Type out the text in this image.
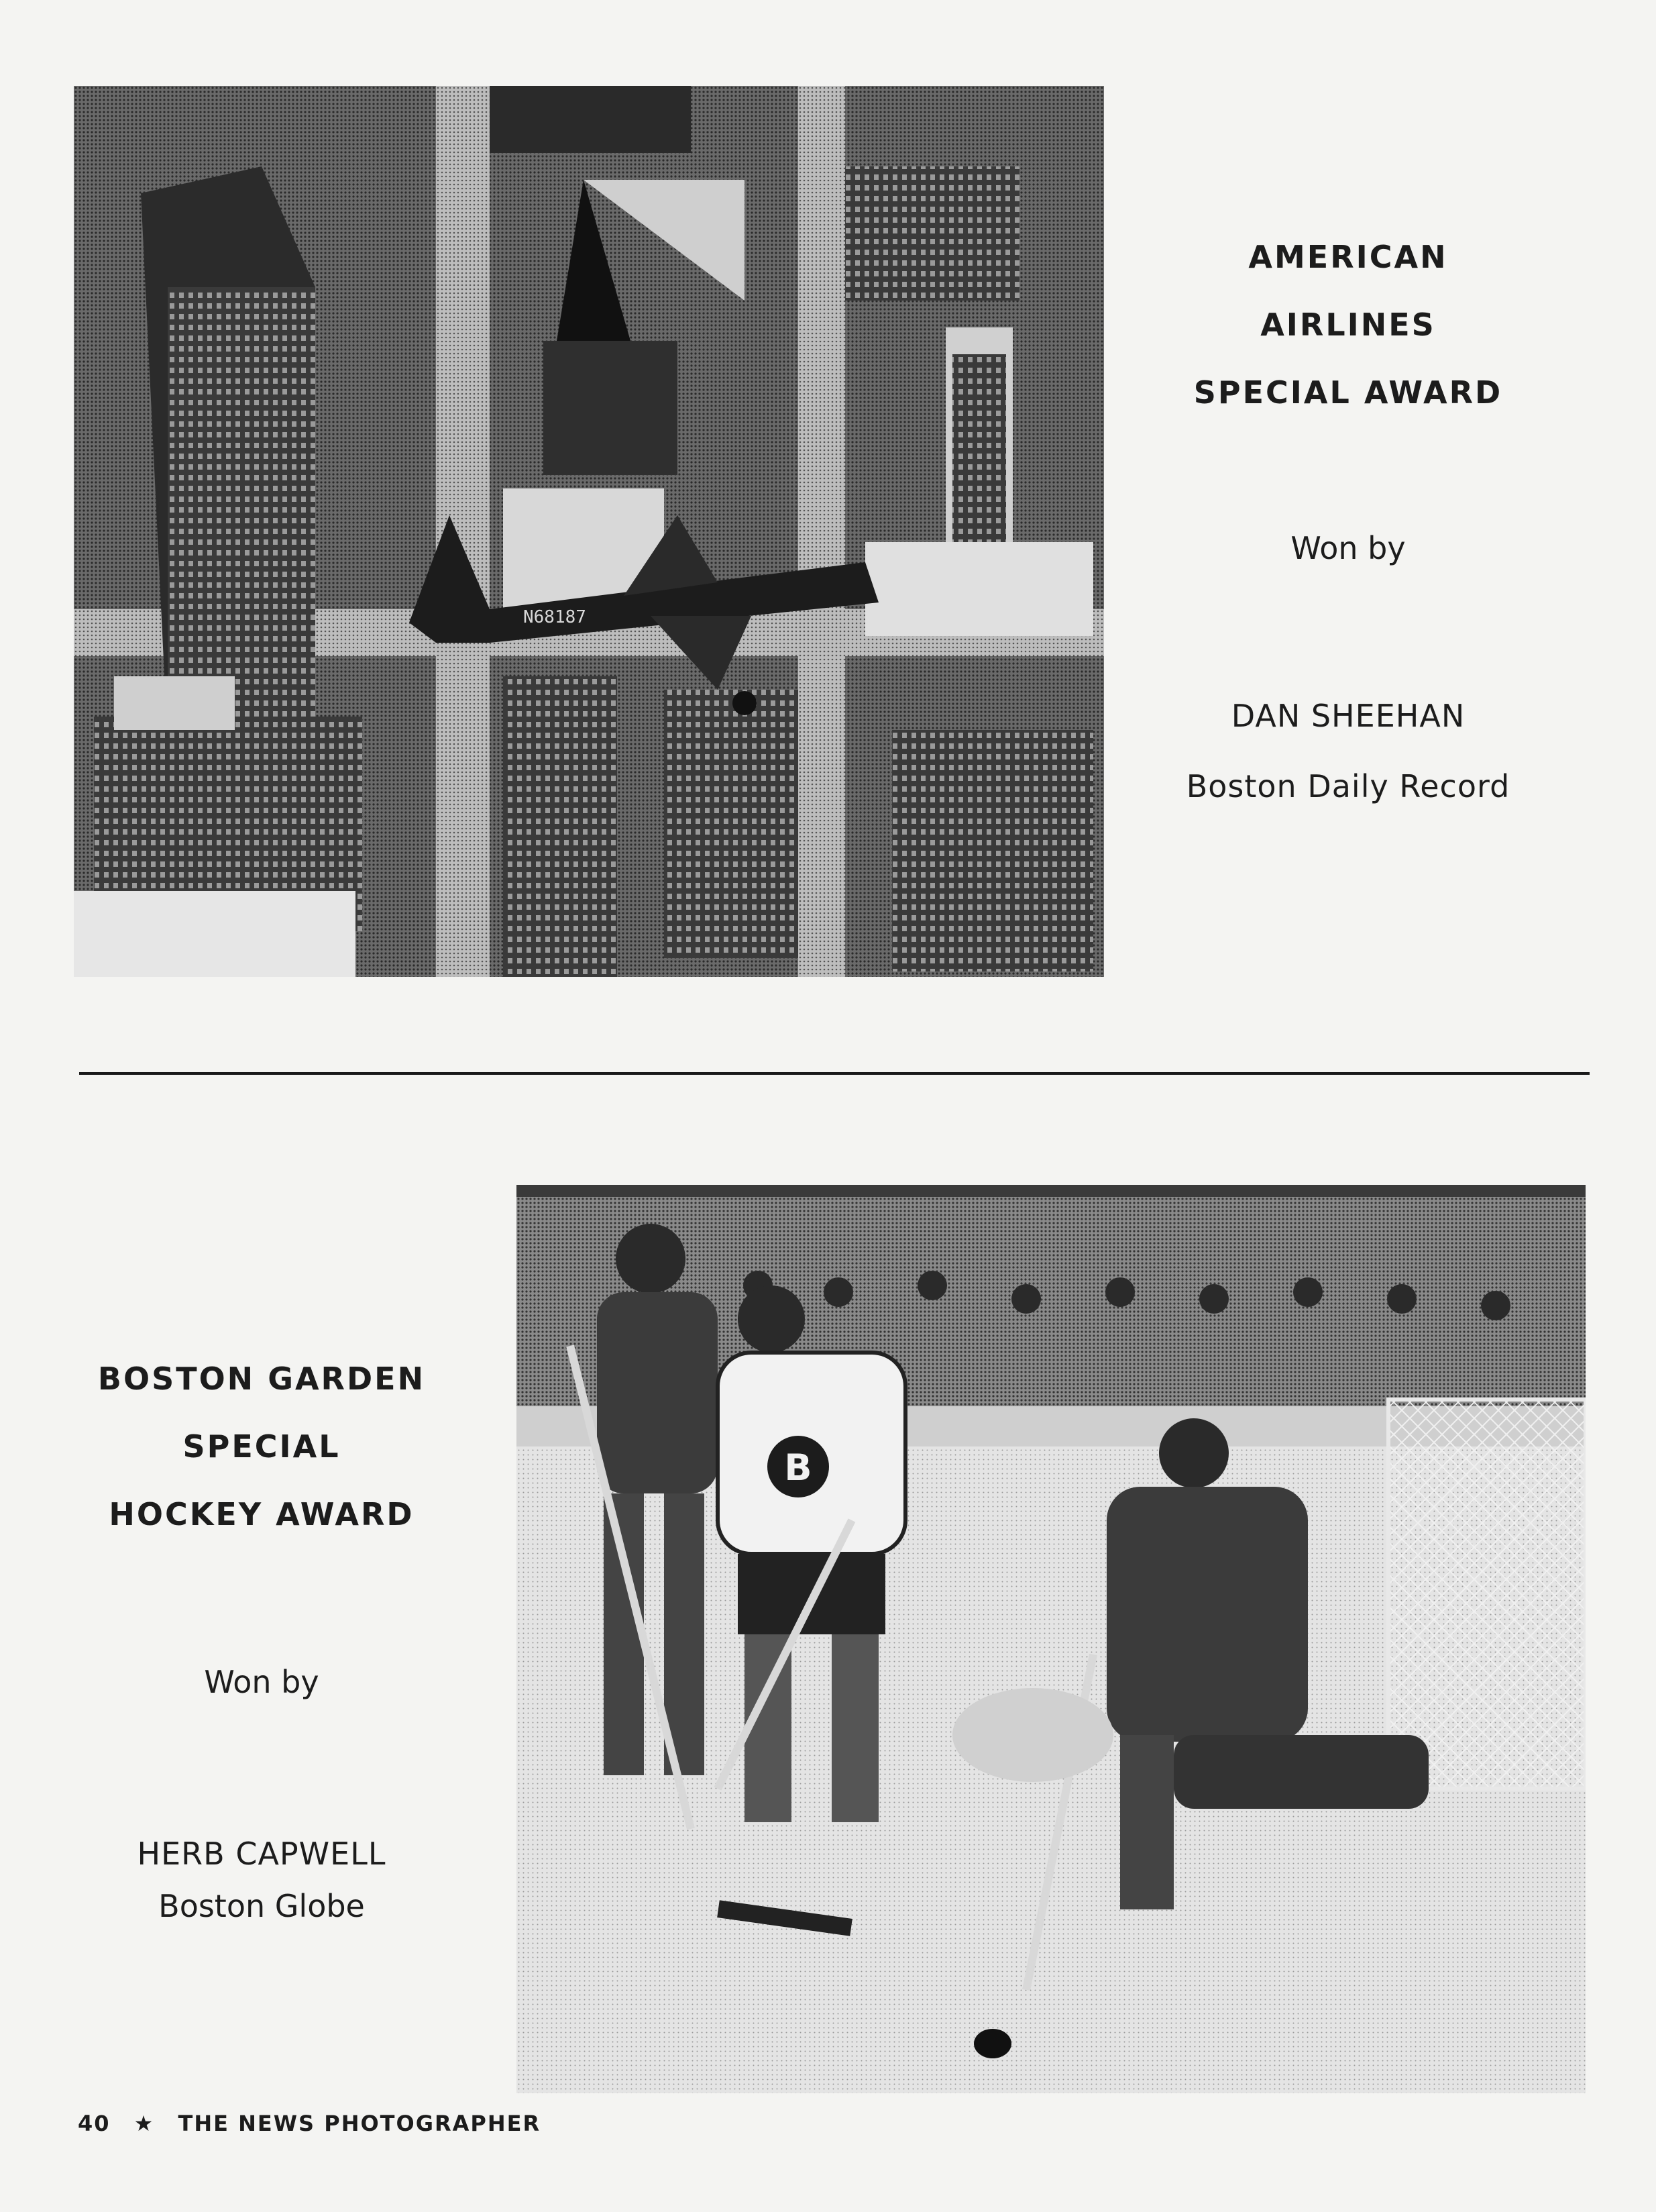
N68187

AMERICAN

AIRLINES

SPECIAL AWARD

Won by

DAN SHEEHAN

Boston Daily Record

BOSTON GARDEN

SPECIAL

HOCKEY AWARD

Won by

HERB CAPWELL

Boston Globe

B
40 ★ THE NEWS PHOTOGRAPHER
